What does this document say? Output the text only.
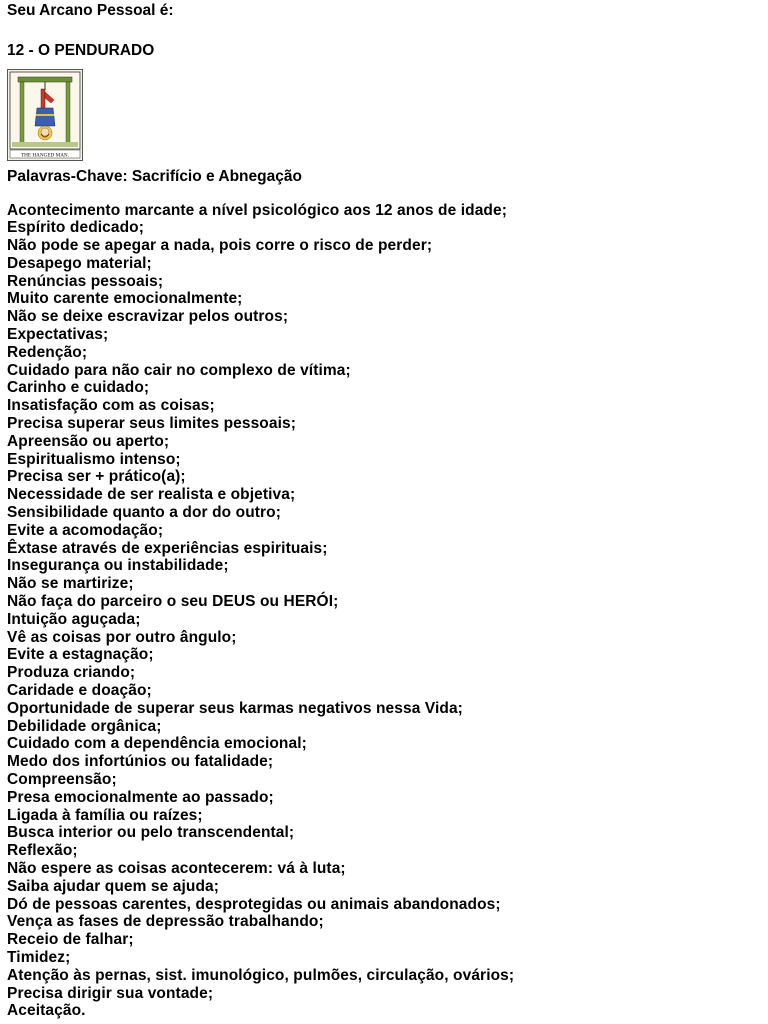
Seu Arcano Pessoal é:

12 - O PENDURADO

THE HANGED MAN.

Palavras-Chave: Sacrifício e Abnegação

Acontecimento marcante a nível psicológico aos 12 anos de idade;
Espírito dedicado;
Não pode se apegar a nada, pois corre o risco de perder;
Desapego material;
Renúncias pessoais;
Muito carente emocionalmente;
Não se deixe escravizar pelos outros;
Expectativas;
Redenção;
Cuidado para não cair no complexo de vítima;
Carinho e cuidado;
Insatisfação com as coisas;
Precisa superar seus limites pessoais;
Apreensão ou aperto;
Espiritualismo intenso;
Precisa ser + prático(a);
Necessidade de ser realista e objetiva;
Sensibilidade quanto a dor do outro;
Evite a acomodação;
Êxtase através de experiências espirituais;
Insegurança ou instabilidade;
Não se martirize;
Não faça do parceiro o seu DEUS ou HERÓI;
Intuição aguçada;
Vê as coisas por outro ângulo;
Evite a estagnação;
Produza criando;
Caridade e doação;
Oportunidade de superar seus karmas negativos nessa Vida;
Debilidade orgânica;
Cuidado com a dependência emocional;
Medo dos infortúnios ou fatalidade;
Compreensão;
Presa emocionalmente ao passado;
Ligada à família ou raízes;
Busca interior ou pelo transcendental;
Reflexão;
Não espere as coisas acontecerem: vá à luta;
Saiba ajudar quem se ajuda;
Dó de pessoas carentes, desprotegidas ou animais abandonados;
Vença as fases de depressão trabalhando;
Receio de falhar;
Timidez;
Atenção às pernas, sist. imunológico, pulmões, circulação, ovários;
Precisa dirigir sua vontade;
Aceitação.
